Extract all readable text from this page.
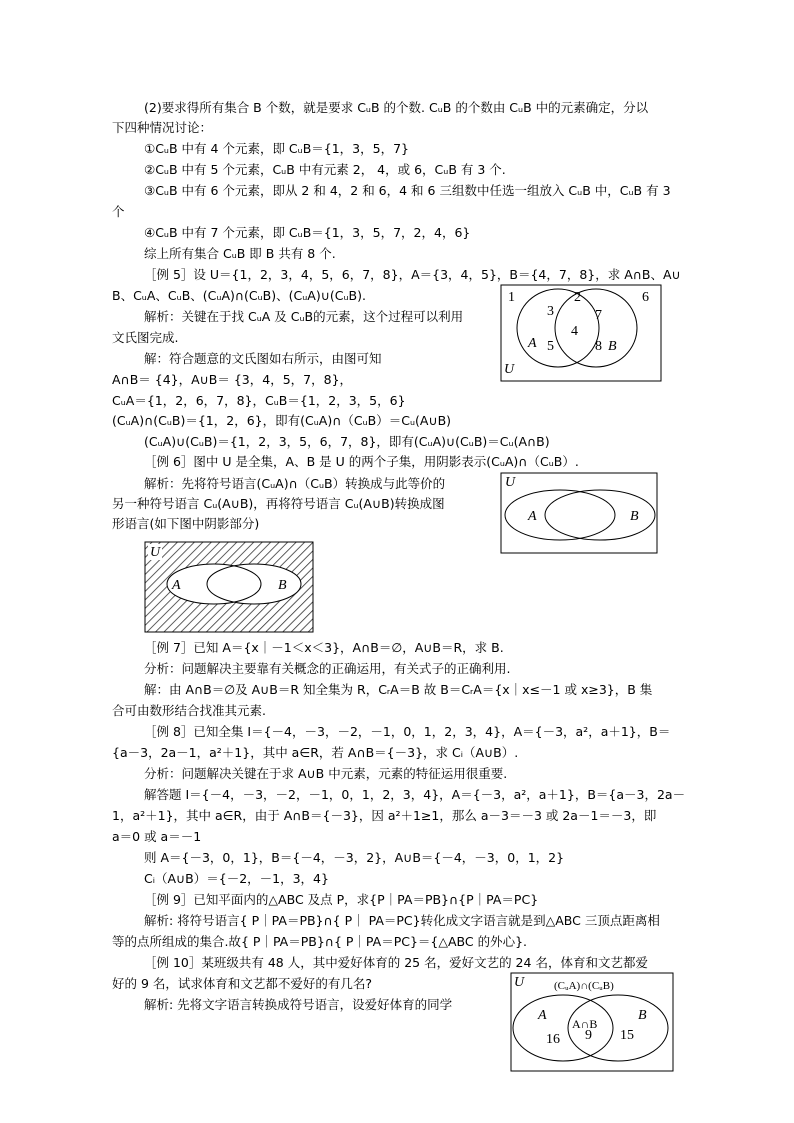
(2)要求得所有集合 B 个数，就是要求 CᵤB 的个数. CᵤB 的个数由 CᵤB 中的元素确定，分以
下四种情况讨论：
①CᵤB 中有 4 个元素，即 CᵤB＝{1，3，5，7}
②CᵤB 中有 5 个元素，CᵤB 中有元素 2， 4，或 6，CᵤB 有 3 个.
③CᵤB 中有 6 个元素，即从 2 和 4，2 和 6，4 和 6 三组数中任选一组放入 CᵤB 中，CᵤB 有 3
个
④CᵤB 中有 7 个元素，即 CᵤB＝{1，3，5，7，2，4，6}
综上所有集合 CᵤB 即 B 共有 8 个.
［例 5］设 U＝{1，2，3，4，5，6，7，8}，A＝{3，4，5}，B＝{4，7，8}，求 A∩B、A∪
B、CᵤA、CᵤB、(CᵤA)∩(CᵤB)、(CᵤA)∪(CᵤB).
解析：关键在于找 CᵤA 及 CᵤB的元素，这个过程可以利用
文氏图完成.
解：符合题意的文氏图如右所示，由图可知
A∩B＝ {4}，A∪B＝ {3，4，5，7，8}，
CᵤA＝{1，2，6，7，8}，CᵤB＝{1，2，3，5，6}
(CᵤA)∩(CᵤB)＝{1，2，6}，即有(CᵤA)∩（CᵤB）＝Cᵤ(A∪B)
(CᵤA)∪(CᵤB)＝{1，2，3，5，6，7，8}，即有(CᵤA)∪(CᵤB)＝Cᵤ(A∩B)
［例 6］图中 U 是全集，A、B 是 U 的两个子集，用阴影表示(CᵤA)∩（CᵤB）.
解析：先将符号语言(CᵤA)∩（CᵤB）转换成与此等价的
另一种符号语言 Cᵤ(A∪B)，再将符号语言 Cᵤ(A∪B)转换成图
形语言(如下图中阴影部分)
［例 7］已知 A＝{x｜－1＜x＜3}，A∩B＝∅，A∪B＝R，求 B.
分析：问题解决主要靠有关概念的正确运用，有关式子的正确利用.
解：由 A∩B＝∅及 A∪B＝R 知全集为 R，CᵣA＝B 故 B＝CᵣA＝{x｜x≤－1 或 x≥3}，B 集
合可由数形结合找准其元素.
［例 8］已知全集 I＝{－4，－3，－2，－1，0，1，2，3，4}，A＝{－3，a²，a＋1}，B＝
{a－3，2a－1，a²＋1}，其中 a∈R，若 A∩B＝{－3}，求 Cᵢ（A∪B）.
分析：问题解决关键在于求 A∪B 中元素，元素的特征运用很重要.
解答题 I＝{－4，－3，－2，－1，0，1，2，3，4}，A＝{－3，a²，a＋1}，B＝{a－3，2a－
1，a²＋1}，其中 a∈R，由于 A∩B＝{－3}，因 a²＋1≥1，那么 a－3＝－3 或 2a－1＝－3，即
a＝0 或 a＝－1
则 A＝{－3，0，1}，B＝{－4，－3，2}，A∪B＝{－4，－3，0，1，2}
Cᵢ（A∪B）＝{－2，－1，3，4}
［例 9］已知平面内的△ABC 及点 P，求{P｜PA＝PB}∩{P｜PA＝PC}
解析: 将符号语言{ P｜PA＝PB}∩{ P｜ PA＝PC}转化成文字语言就是到△ABC 三顶点距离相
等的点所组成的集合.故{ P｜PA＝PB}∩{ P｜PA＝PC}＝{△ABC 的外心}.
［例 10］某班级共有 48 人，其中爱好体育的 25 名，爱好文艺的 24 名，体育和文艺都爱
好的 9 名，试求体育和文艺都不爱好的有几名?
解析: 先将文字语言转换成符号语言，设爱好体育的同学
1	2	6
3	7
4
A 5	8 B
U
U
A	B
U
A	B
U	(CᵤA)∩(CᵤB)
A	B
A∩B
16 9 15
